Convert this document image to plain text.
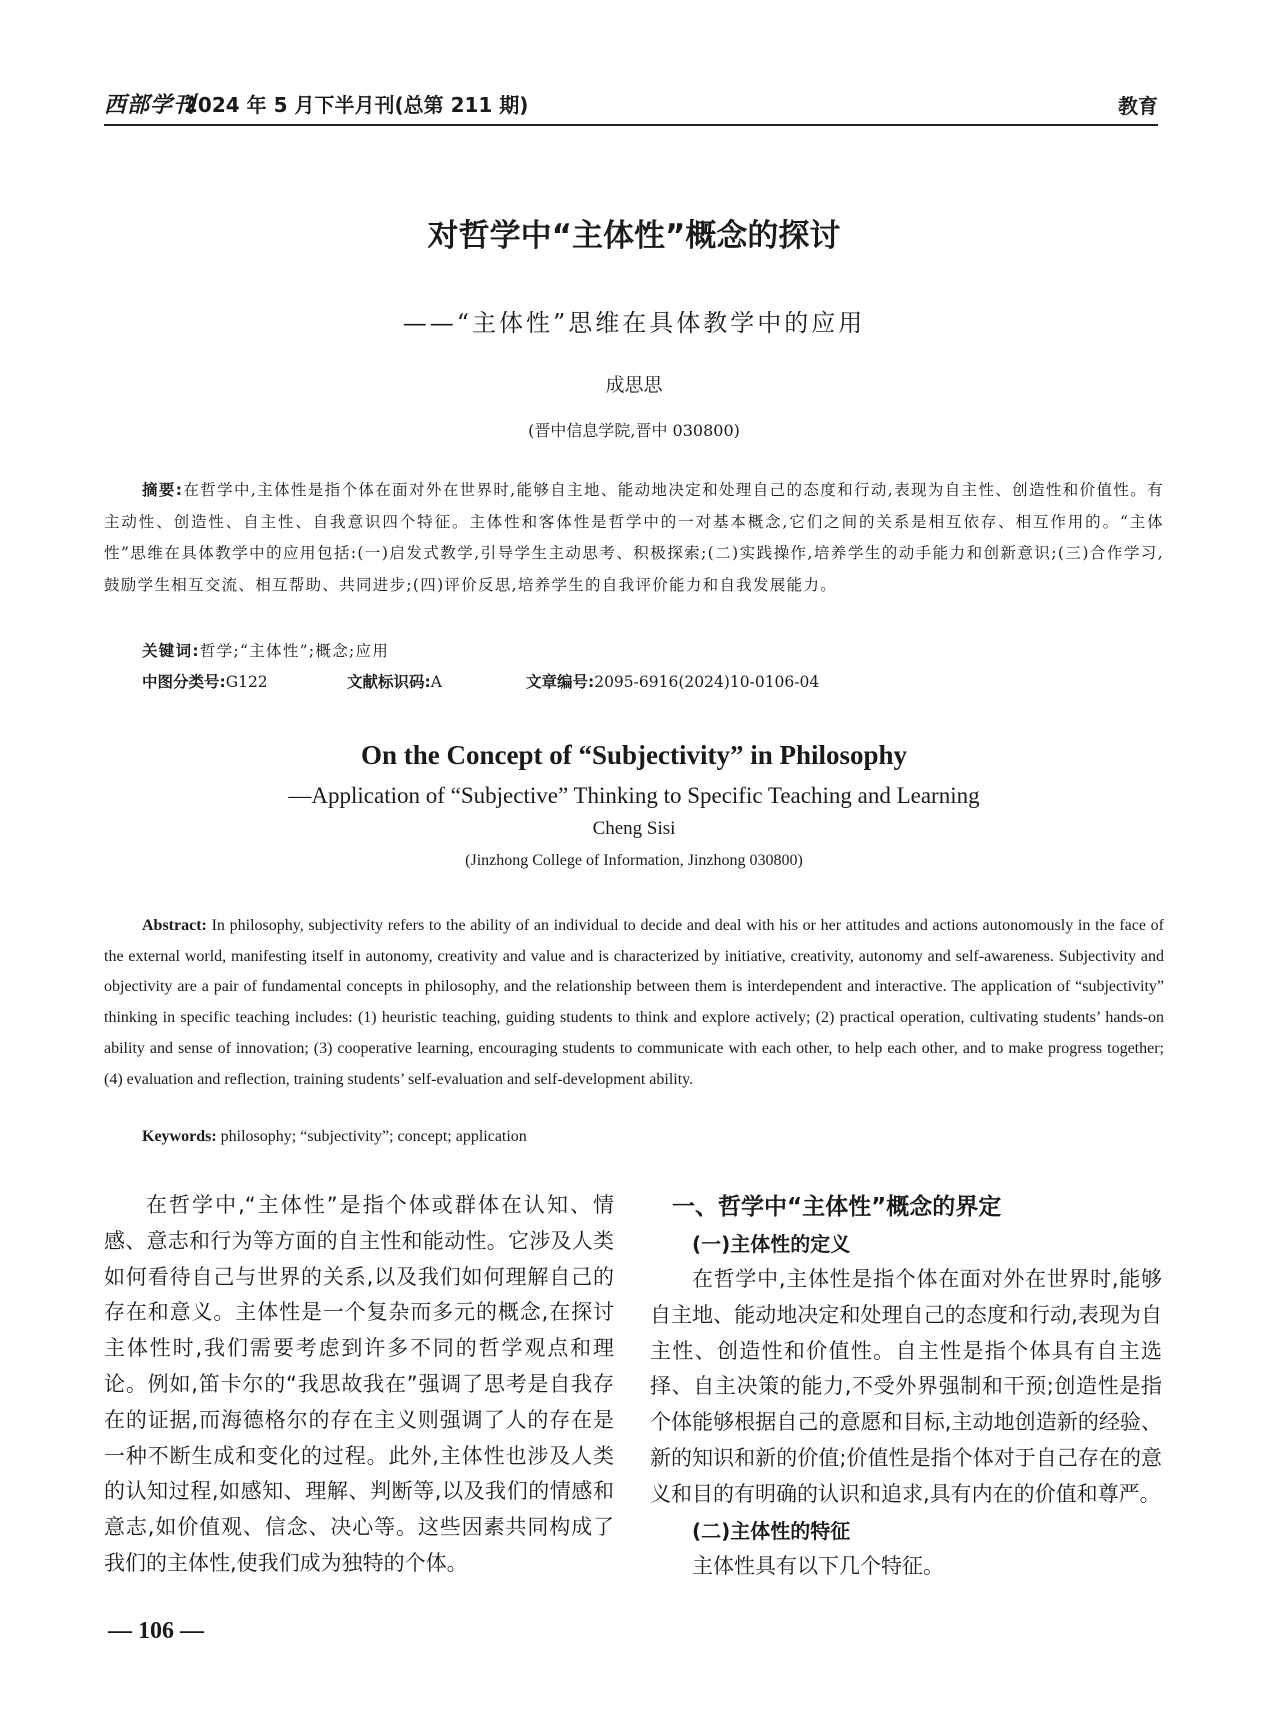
西部学刊
2024 年 5 月下半月刊(总第 211 期)	教育
对哲学中“主体性”概念的探讨
——“主体性”思维在具体教学中的应用
成思思
(晋中信息学院,晋中 030800)
摘要:在哲学中,主体性是指个体在面对外在世界时,能够自主地、能动地决定和处理自己的态度和行动,表现为自主性、创造性和价值性。有主动性、创造性、自主性、自我意识四个特征。主体性和客体性是哲学中的一对基本概念,它们之间的关系是相互依存、相互作用的。“主体性”思维在具体教学中的应用包括:(一)启发式教学,引导学生主动思考、积极探索;(二)实践操作,培养学生的动手能力和创新意识;(三)合作学习,鼓励学生相互交流、相互帮助、共同进步;(四)评价反思,培养学生的自我评价能力和自我发展能力。
关键词:哲学;“主体性”;概念;应用
中图分类号:G122	文献标识码:A	文章编号:2095-6916(2024)10-0106-04
On the Concept of “Subjectivity” in Philosophy
—Application of “Subjective” Thinking to Specific Teaching and Learning
Cheng Sisi
(Jinzhong College of Information, Jinzhong 030800)
Abstract: In philosophy, subjectivity refers to the ability of an individual to decide and deal with his or her attitudes and actions autonomously in the face of the external world, manifesting itself in autonomy, creativity and value and is characterized by initiative, creativity, autonomy and self-awareness. Subjectivity and objectivity are a pair of fundamental concepts in philosophy, and the relationship between them is interdependent and interactive. The application of “subjectivity” thinking in specific teaching includes: (1) heuristic teaching, guiding students to think and explore actively; (2) practical operation, cultivating students’ hands-on ability and sense of innovation; (3) cooperative learning, encouraging students to communicate with each other, to help each other, and to make progress together; (4) evaluation and reflection, training students’ self-evaluation and self-development ability.
Keywords: philosophy; “subjectivity”; concept; application

在哲学中,“主体性”是指个体或群体在认知、情感、意志和行为等方面的自主性和能动性。它涉及人类如何看待自己与世界的关系,以及我们如何理解自己的存在和意义。主体性是一个复杂而多元的概念,在探讨主体性时,我们需要考虑到许多不同的哲学观点和理论。例如,笛卡尔的“我思故我在”强调了思考是自我存在的证据,而海德格尔的存在主义则强调了人的存在是一种不断生成和变化的过程。此外,主体性也涉及人类的认知过程,如感知、理解、判断等,以及我们的情感和意志,如价值观、信念、决心等。这些因素共同构成了我们的主体性,使我们成为独特的个体。

一、哲学中“主体性”概念的界定
(一)主体性的定义

在哲学中,主体性是指个体在面对外在世界时,能够自主地、能动地决定和处理自己的态度和行动,表现为自主性、创造性和价值性。自主性是指个体具有自主选择、自主决策的能力,不受外界强制和干预;创造性是指个体能够根据自己的意愿和目标,主动地创造新的经验、新的知识和新的价值;价值性是指个体对于自己存在的意义和目的有明确的认识和追求,具有内在的价值和尊严。

(二)主体性的特征

主体性具有以下几个特征。

— 106 —
